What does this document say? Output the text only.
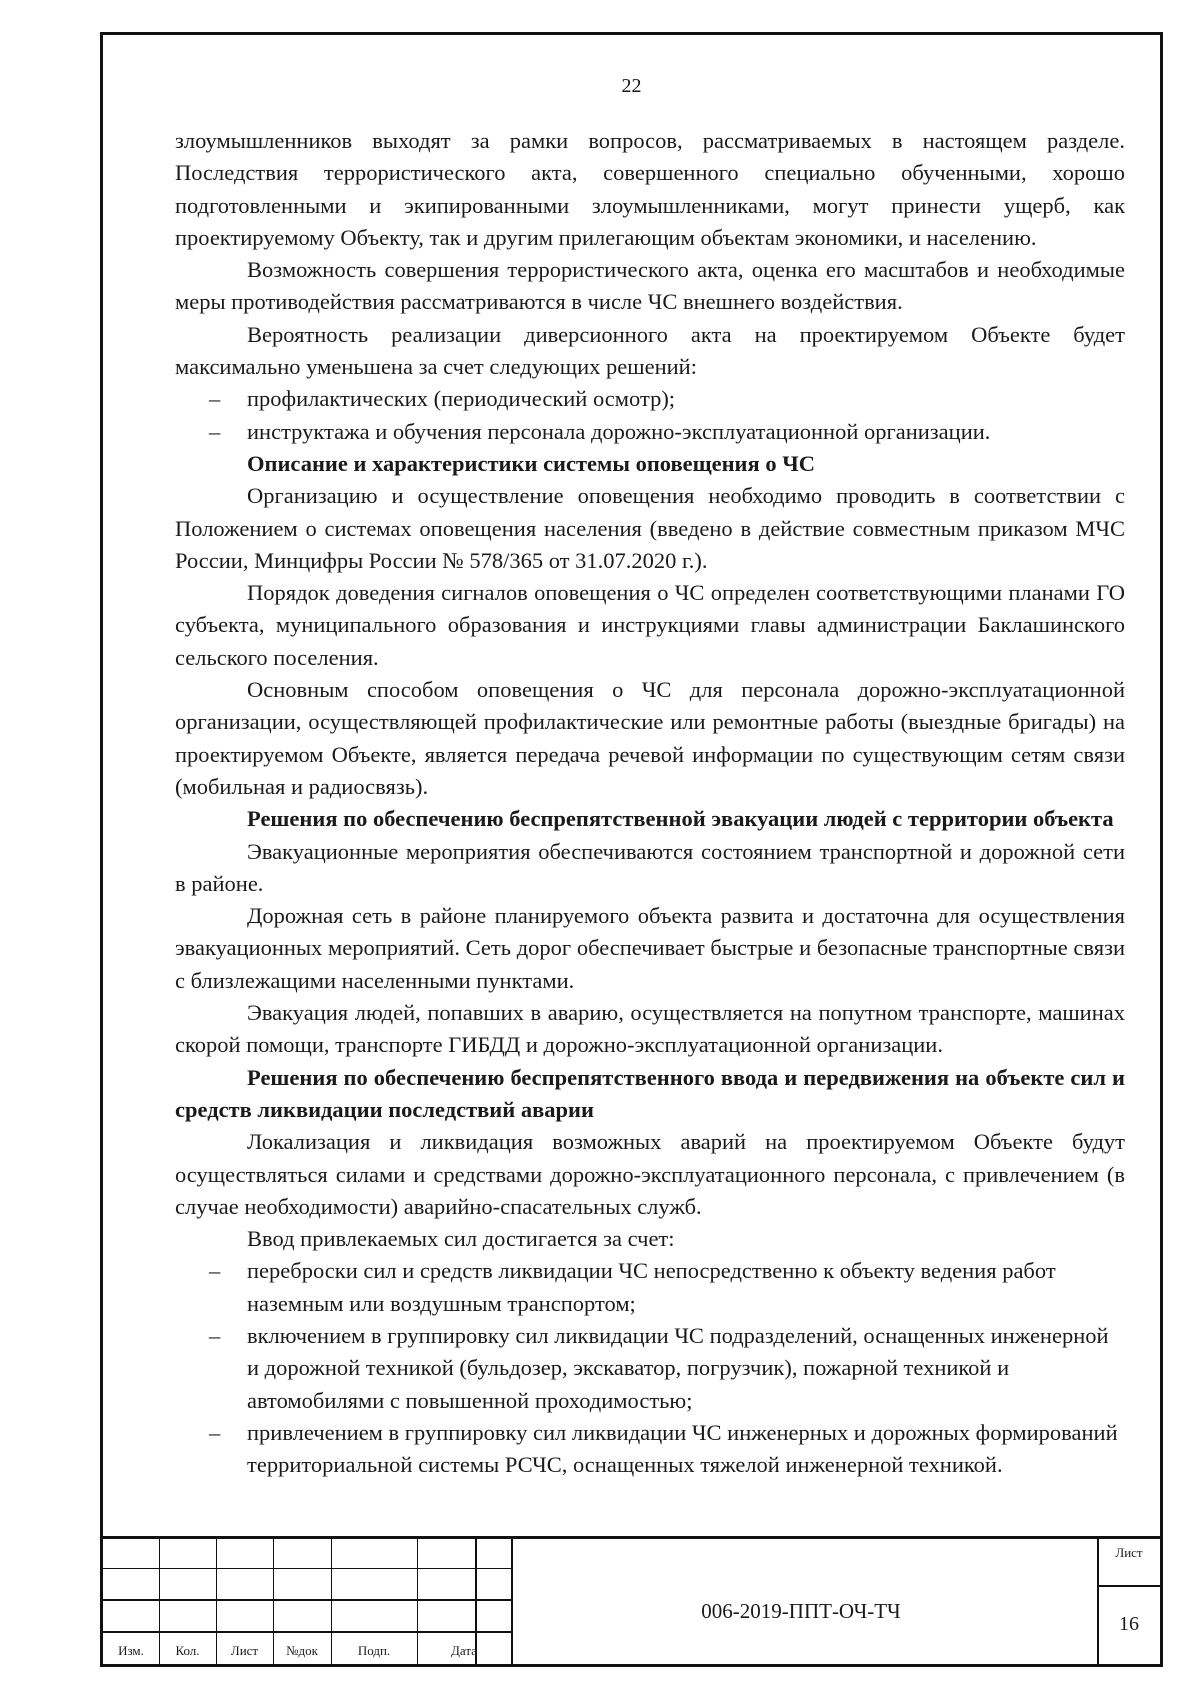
22

злоумышленников выходят за рамки вопросов, рассматриваемых в настоящем разделе. Последствия террористического акта, совершенного специально обученными, хорошо подготовленными и экипированными злоумышленниками, могут принести ущерб, как проектируемому Объекту, так и другим прилегающим объектам экономики, и населению.

Возможность совершения террористического акта, оценка его масштабов и необходимые меры противодействия рассматриваются в числе ЧС внешнего воздействия.

Вероятность реализации диверсионного акта на проектируемом Объекте будет максимально уменьшена за счет следующих решений:

– профилактических (периодический осмотр);
– инструктажа и обучения персонала дорожно-эксплуатационной организации.

Описание и характеристики системы оповещения о ЧС

Организацию и осуществление оповещения необходимо проводить в соответствии с Положением о системах оповещения населения (введено в действие совместным приказом МЧС России, Минцифры России № 578/365 от 31.07.2020 г.).

Порядок доведения сигналов оповещения о ЧС определен соответствующими планами ГО субъекта, муниципального образования и инструкциями главы администрации Баклашинского сельского поселения.

Основным способом оповещения о ЧС для персонала дорожно-эксплуатационной организации, осуществляющей профилактические или ремонтные работы (выездные бригады) на проектируемом Объекте, является передача речевой информации по существующим сетям связи (мобильная и радиосвязь).

Решения по обеспечению беспрепятственной эвакуации людей с территории объекта

Эвакуационные мероприятия обеспечиваются состоянием транспортной и дорожной сети в районе.

Дорожная сеть в районе планируемого объекта развита и достаточна для осуществления эвакуационных мероприятий. Сеть дорог обеспечивает быстрые и безопасные транспортные связи с близлежащими населенными пунктами.

Эвакуация людей, попавших в аварию, осуществляется на попутном транспорте, машинах скорой помощи, транспорте ГИБДД и дорожно-эксплуатационной организации.

Решения по обеспечению беспрепятственного ввода и передвижения на объекте сил и средств ликвидации последствий аварии

Локализация и ликвидация возможных аварий на проектируемом Объекте будут осуществляться силами и средствами дорожно-эксплуатационного персонала, с привлечением (в случае необходимости) аварийно-спасательных служб.

Ввод привлекаемых сил достигается за счет:

– переброски сил и средств ликвидации ЧС непосредственно к объекту ведения работ наземным или воздушным транспортом;
– включением в группировку сил ликвидации ЧС подразделений, оснащенных инженерной и дорожной техникой (бульдозер, экскаватор, погрузчик), пожарной техникой и автомобилями с повышенной проходимостью;
– привлечением в группировку сил ликвидации ЧС инженерных и дорожных формирований территориальной системы РСЧС, оснащенных тяжелой инженерной техникой.
Изм.	Кол.	Лист	№док	Подп.	Дата
006-2019-ППТ-ОЧ-ТЧ
Лист
16
